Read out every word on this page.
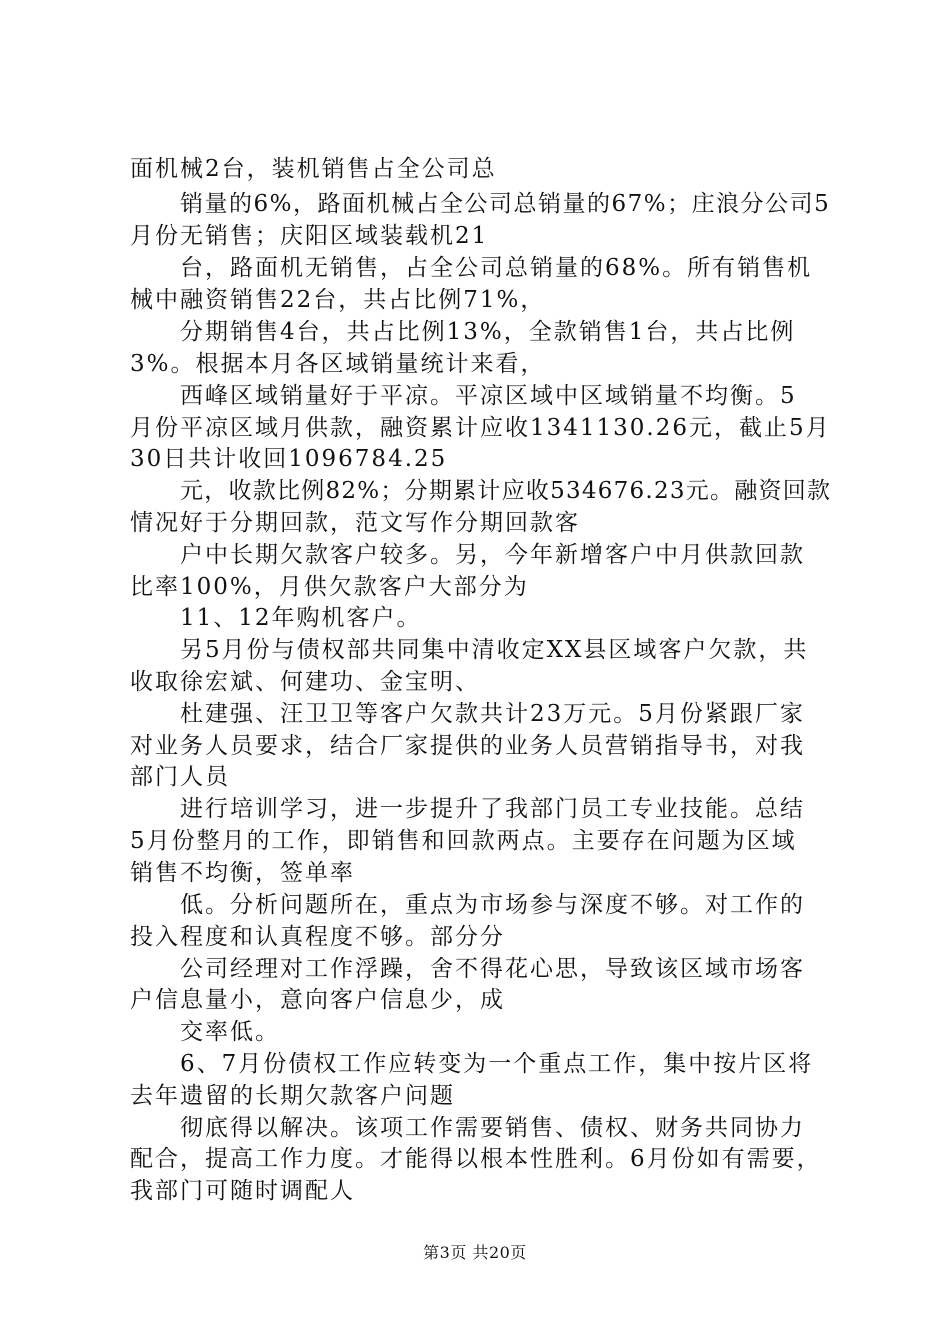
面机械2台，装机销售占全公司总
销量的6%，路面机械占全公司总销量的67%；庄浪分公司5
月份无销售；庆阳区域装载机21
台，路面机无销售，占全公司总销量的68%。所有销售机
械中融资销售22台，共占比例71%，
分期销售4台，共占比例13%，全款销售1台，共占比例
3%。根据本月各区域销量统计来看，
西峰区域销量好于平凉。平凉区域中区域销量不均衡。5
月份平凉区域月供款，融资累计应收1341130.26元，截止5月
30日共计收回1096784.25
元，收款比例82%；分期累计应收534676.23元。融资回款
情况好于分期回款，范文写作分期回款客
户中长期欠款客户较多。另，今年新增客户中月供款回款
比率100%，月供欠款客户大部分为
11、12年购机客户。
另5月份与债权部共同集中清收定XX县区域客户欠款，共
收取徐宏斌、何建功、金宝明、
杜建强、汪卫卫等客户欠款共计23万元。5月份紧跟厂家
对业务人员要求，结合厂家提供的业务人员营销指导书，对我
部门人员
进行培训学习，进一步提升了我部门员工专业技能。总结
5月份整月的工作，即销售和回款两点。主要存在问题为区域
销售不均衡，签单率
低。分析问题所在，重点为市场参与深度不够。对工作的
投入程度和认真程度不够。部分分
公司经理对工作浮躁，舍不得花心思，导致该区域市场客
户信息量小，意向客户信息少，成
交率低。
6、7月份债权工作应转变为一个重点工作，集中按片区将
去年遗留的长期欠款客户问题
彻底得以解决。该项工作需要销售、债权、财务共同协力
配合，提高工作力度。才能得以根本性胜利。6月份如有需要，
我部门可随时调配人
第3页 共20页
